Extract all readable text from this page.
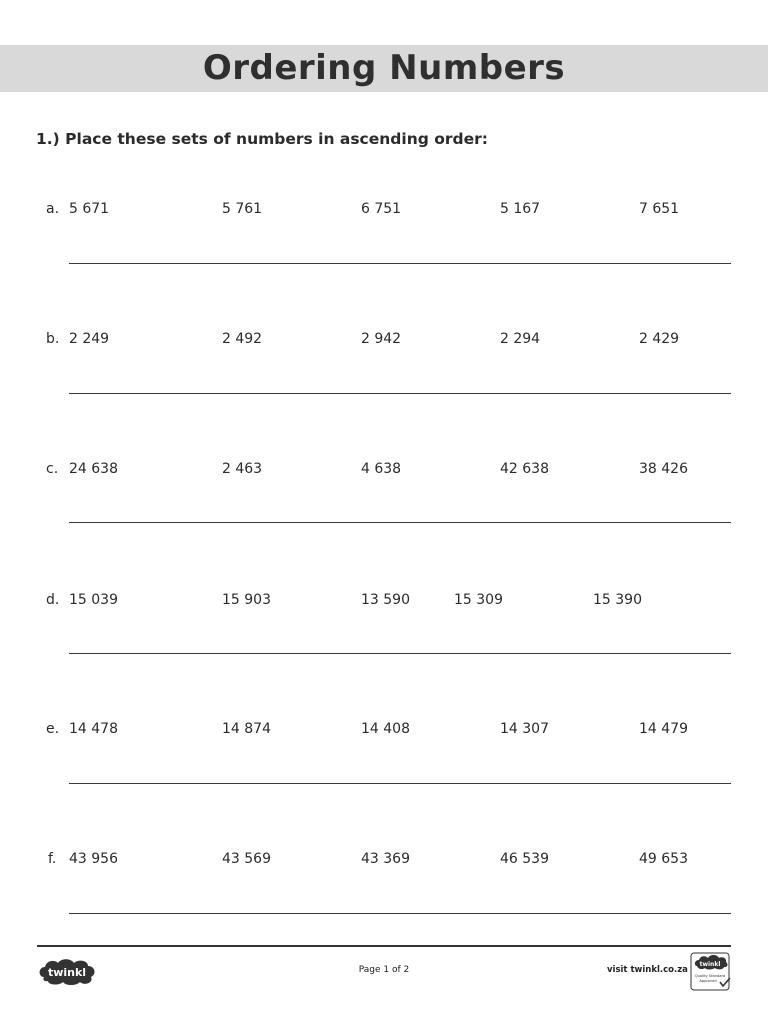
Ordering Numbers
1.) Place these sets of numbers in ascending order:
a. 5 671	5 761	6 751	5 167	7 651
b. 2 249	2 492	2 942	2 294	2 429
c. 24 638	2 463	4 638	42 638	38 426
d. 15 039	15 903	13 590	15 309	15 390
e. 14 478	14 874	14 408	14 307	14 479
f. 43 956	43 569	43 369	46 539	49 653
twinkl	Page 1 of 2	visit twinkl.co.za
twinkl
Quality Standard
Approved
